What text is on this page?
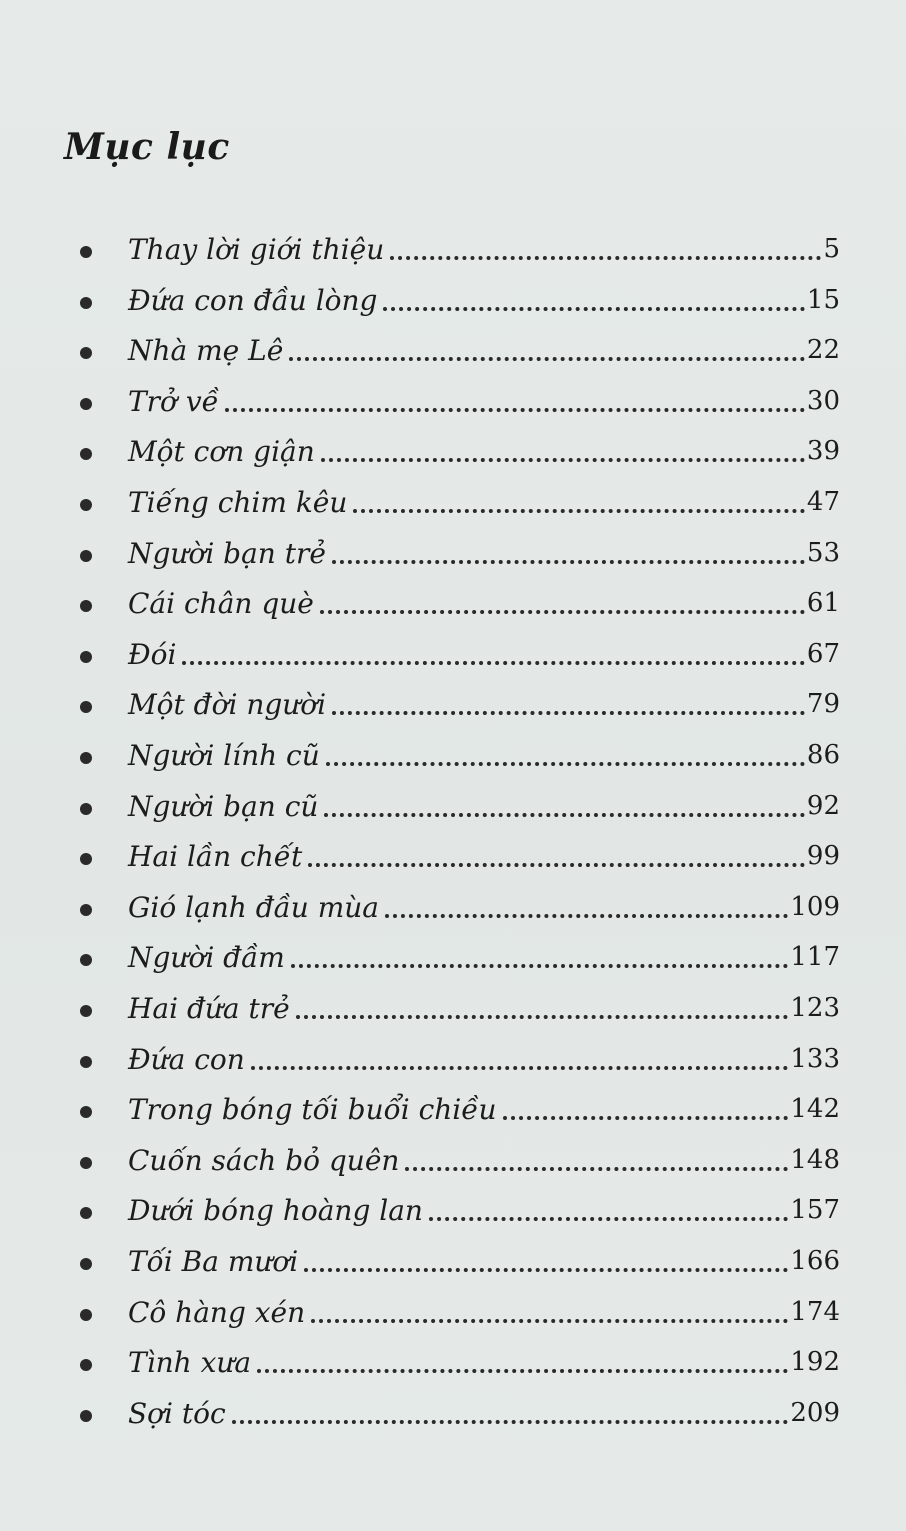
Mục lục
Thay lời giới thiệu	5
Đứa con đầu lòng	15
Nhà mẹ Lê	22
Trở về	30
Một cơn giận	39
Tiếng chim kêu	47
Người bạn trẻ	53
Cái chân què	61
Đói	67
Một đời người	79
Người lính cũ	86
Người bạn cũ	92
Hai lần chết	99
Gió lạnh đầu mùa	109
Người đầm	117
Hai đứa trẻ	123
Đứa con	133
Trong bóng tối buổi chiều	142
Cuốn sách bỏ quên	148
Dưới bóng hoàng lan	157
Tối Ba mươi	166
Cô hàng xén	174
Tình xưa	192
Sợi tóc	209
